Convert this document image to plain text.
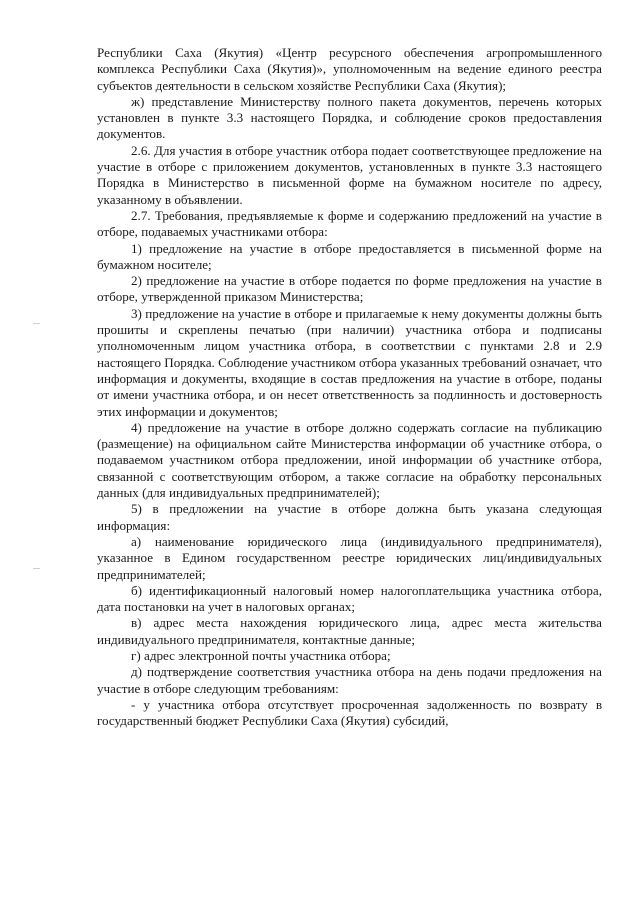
Республики Саха (Якутия) «Центр ресурсного обеспечения агропромышленного комплекса Республики Саха (Якутия)», уполномоченным на ведение единого реестра субъектов деятельности в сельском хозяйстве Республики Саха (Якутия);

ж) представление Министерству полного пакета документов, перечень которых установлен в пункте 3.3 настоящего Порядка, и соблюдение сроков предоставления документов.

2.6. Для участия в отборе участник отбора подает соответствующее предложение на участие в отборе с приложением документов, установленных в пункте 3.3 настоящего Порядка в Министерство в письменной форме на бумажном носителе по адресу, указанному в объявлении.

2.7. Требования, предъявляемые к форме и содержанию предложений на участие в отборе, подаваемых участниками отбора:

1) предложение на участие в отборе предоставляется в письменной форме на бумажном носителе;

2) предложение на участие в отборе подается по форме предложения на участие в отборе, утвержденной приказом Министерства;

3) предложение на участие в отборе и прилагаемые к нему документы должны быть прошиты и скреплены печатью (при наличии) участника отбора и подписаны уполномоченным лицом участника отбора, в соответствии с пунктами 2.8 и 2.9 настоящего Порядка. Соблюдение участником отбора указанных требований означает, что информация и документы, входящие в состав предложения на участие в отборе, поданы от имени участника отбора, и он несет ответственность за подлинность и достоверность этих информации и документов;

4) предложение на участие в отборе должно содержать согласие на публикацию (размещение) на официальном сайте Министерства информации об участнике отбора, о подаваемом участником отбора предложении, иной информации об участнике отбора, связанной с соответствующим отбором, а также согласие на обработку персональных данных (для индивидуальных предпринимателей);

5) в предложении на участие в отборе должна быть указана следующая информация:

а) наименование юридического лица (индивидуального предпринимателя), указанное в Едином государственном реестре юридических лиц/индивидуальных предпринимателей;

б) идентификационный налоговый номер налогоплательщика участника отбора, дата постановки на учет в налоговых органах;

в) адрес места нахождения юридического лица, адрес места жительства индивидуального предпринимателя, контактные данные;

г) адрес электронной почты участника отбора;

д) подтверждение соответствия участника отбора на день подачи предложения на участие в отборе следующим требованиям:

- у участника отбора отсутствует просроченная задолженность по возврату в государственный бюджет Республики Саха (Якутия) субсидий,
